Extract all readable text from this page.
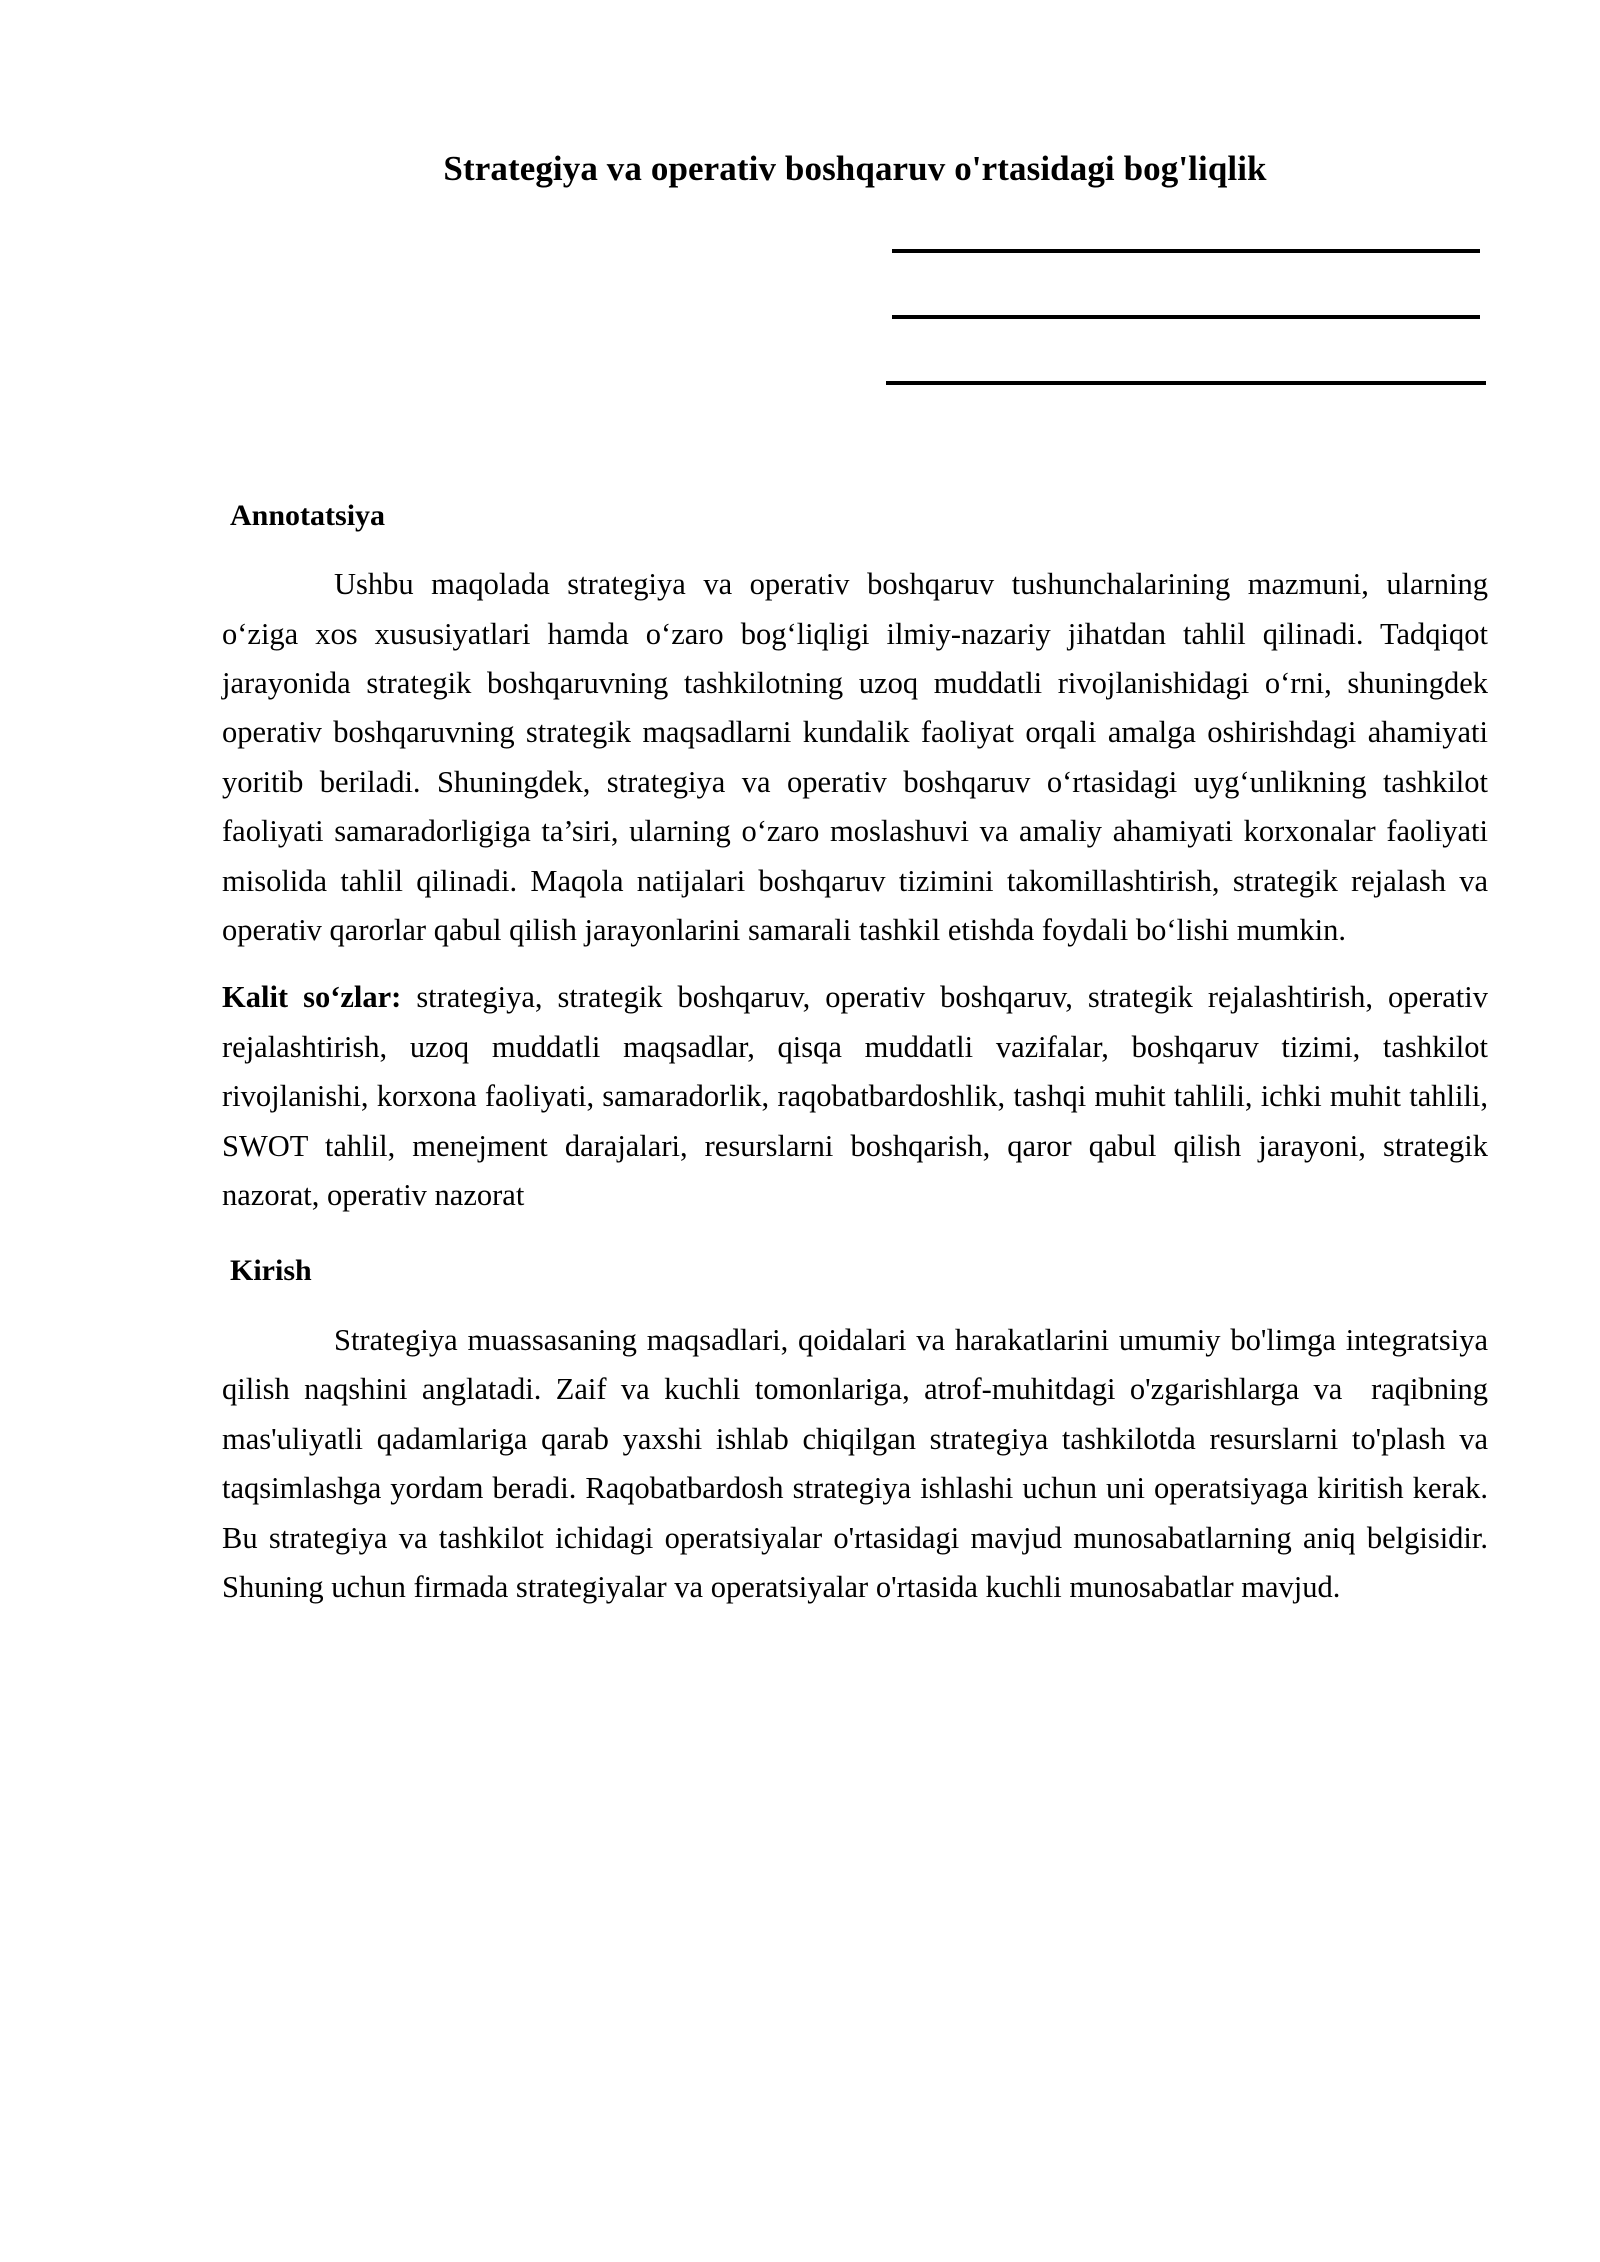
Strategiya va operativ boshqaruv o'rtasidagi bog'liqlik
Annotatsiya

Ushbu maqolada strategiya va operativ boshqaruv tushunchalarining mazmuni, ularning o‘ziga xos xususiyatlari hamda o‘zaro bog‘liqligi ilmiy-nazariy jihatdan tahlil qilinadi. Tadqiqot jarayonida strategik boshqaruvning tashkilotning uzoq muddatli rivojlanishidagi o‘rni, shuningdek operativ boshqaruvning strategik maqsadlarni kundalik faoliyat orqali amalga oshirishdagi ahamiyati yoritib beriladi. Shuningdek, strategiya va operativ boshqaruv o‘rtasidagi uyg‘unlikning tashkilot faoliyati samaradorligiga ta’siri, ularning o‘zaro moslashuvi va amaliy ahamiyati korxonalar faoliyati misolida tahlil qilinadi. Maqola natijalari boshqaruv tizimini takomillashtirish, strategik rejalash va operativ qarorlar qabul qilish jarayonlarini samarali tashkil etishda foydali bo‘lishi mumkin.

Kalit so‘zlar: strategiya, strategik boshqaruv, operativ boshqaruv, strategik rejalashtirish, operativ rejalashtirish, uzoq muddatli maqsadlar, qisqa muddatli vazifalar, boshqaruv tizimi, tashkilot rivojlanishi, korxona faoliyati, samaradorlik, raqobatbardoshlik, tashqi muhit tahlili, ichki muhit tahlili, SWOT tahlil, menejment darajalari, resurslarni boshqarish, qaror qabul qilish jarayoni, strategik nazorat, operativ nazorat

Kirish

Strategiya muassasaning maqsadlari, qoidalari va harakatlarini umumiy bo'limga integratsiya qilish naqshini anglatadi. Zaif va kuchli tomonlariga, atrof-muhitdagi o'zgarishlarga va  raqibning mas'uliyatli qadamlariga qarab yaxshi ishlab chiqilgan strategiya tashkilotda resurslarni to'plash va taqsimlashga yordam beradi. Raqobatbardosh strategiya ishlashi uchun uni operatsiyaga kiritish kerak. Bu strategiya va tashkilot ichidagi operatsiyalar o'rtasidagi mavjud munosabatlarning aniq belgisidir. Shuning uchun firmada strategiyalar va operatsiyalar o'rtasida kuchli munosabatlar mavjud.
